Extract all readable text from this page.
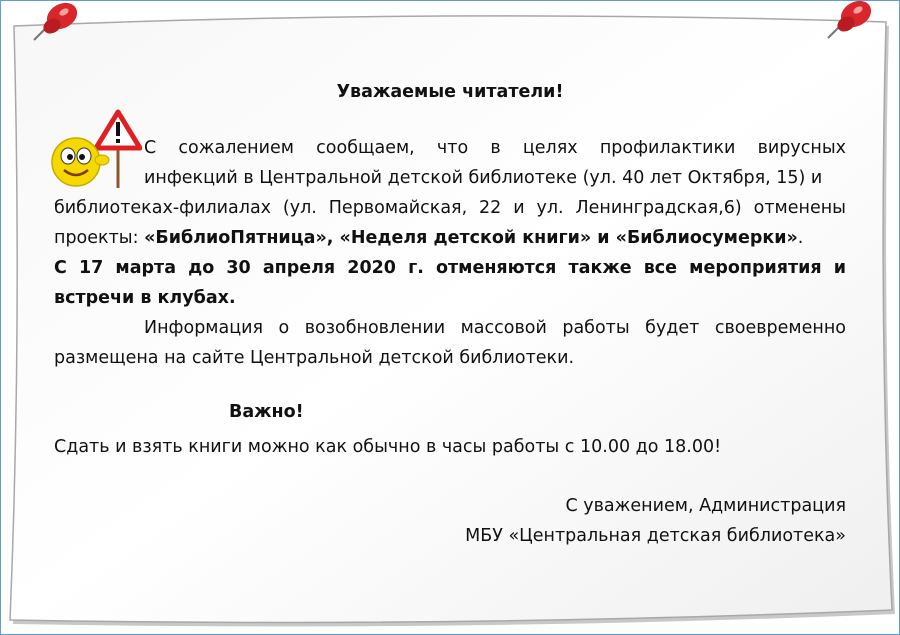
Уважаемые читатели!
С сожалением сообщаем, что в целях профилактики вирусных
инфекций в Центральной детской библиотеке (ул. 40 лет Октября, 15) и
библиотеках-филиалах (ул. Первомайская, 22 и ул. Ленинградская,6) отменены проекты: «БиблиоПятница», «Неделя детской книги» и «Библиосумерки».
С 17 марта до 30 апреля 2020 г. отменяются также все мероприятия и встречи в клубах.
Информация о возобновлении массовой работы будет своевременно размещена на сайте Центральной детской библиотеки.
Важно!
Сдать и взять книги можно как обычно в часы работы с 10.00 до 18.00!
С уважением, Администрация
МБУ «Центральная детская библиотека»
